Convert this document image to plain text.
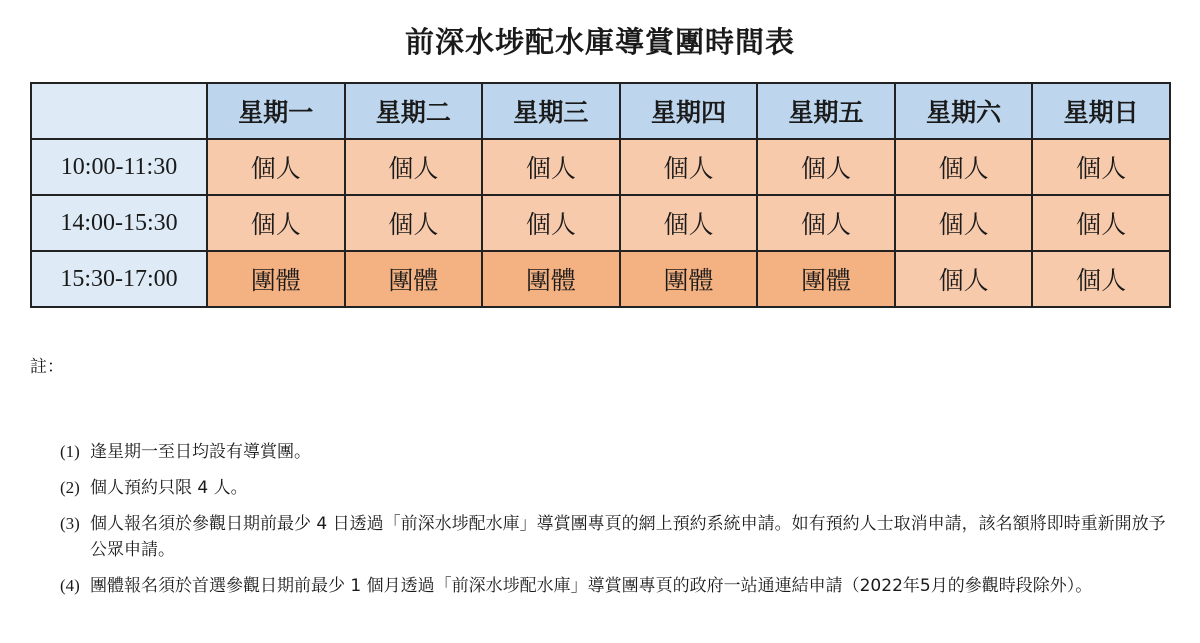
前深水埗配水庫導賞團時間表
	星期一	星期二	星期三	星期四	星期五	星期六	星期日
10:00-11:30	個人	個人	個人	個人	個人	個人	個人
14:00-15:30	個人	個人	個人	個人	個人	個人	個人
15:30-17:00	團體	團體	團體	團體	團體	個人	個人
註：
(1) 逢星期一至日均設有導賞團。
(2) 個人預約只限 4 人。
(3) 個人報名須於參觀日期前最少 4 日透過「前深水埗配水庫」導賞團專頁的網上預約系統申請。如有預約人士取消申請，該名額將即時重新開放予公眾申請。
(4) 團體報名須於首選參觀日期前最少 1 個月透過「前深水埗配水庫」導賞團專頁的政府一站通連結申請（2022年5月的參觀時段除外）。
